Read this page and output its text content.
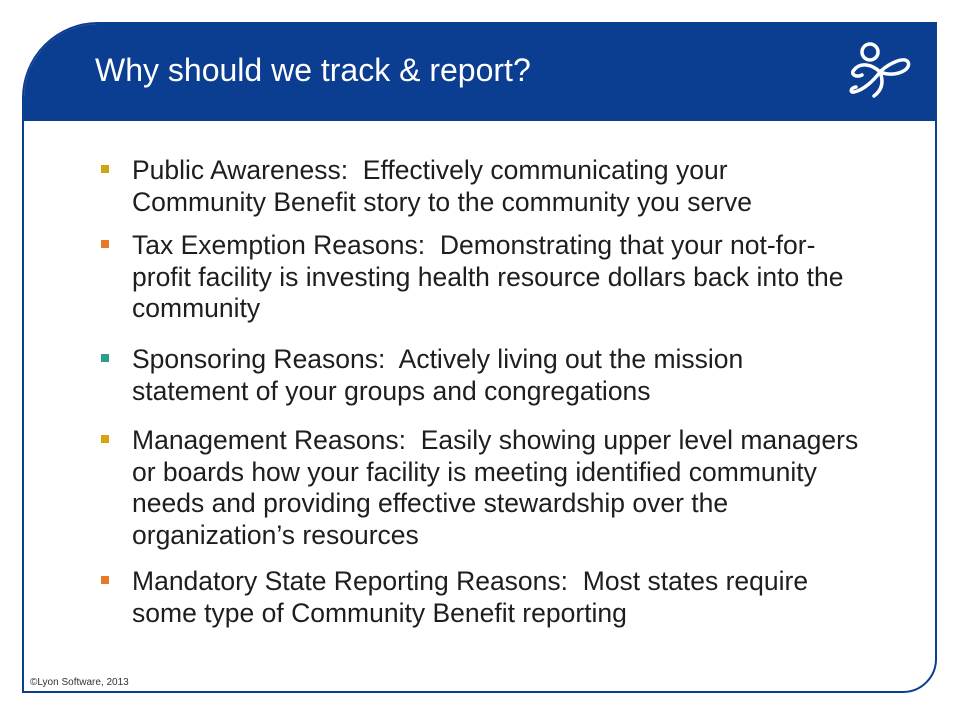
Why should we track & report?
Public Awareness:  Effectively communicating your
Community Benefit story to the community you serve
Tax Exemption Reasons:  Demonstrating that your not-for-
profit facility is investing health resource dollars back into the
community
Sponsoring Reasons:  Actively living out the mission
statement of your groups and congregations
Management Reasons:  Easily showing upper level managers
or boards how your facility is meeting identified community
needs and providing effective stewardship over the
organization’s resources
Mandatory State Reporting Reasons:  Most states require
some type of Community Benefit reporting
©Lyon Software, 2013
